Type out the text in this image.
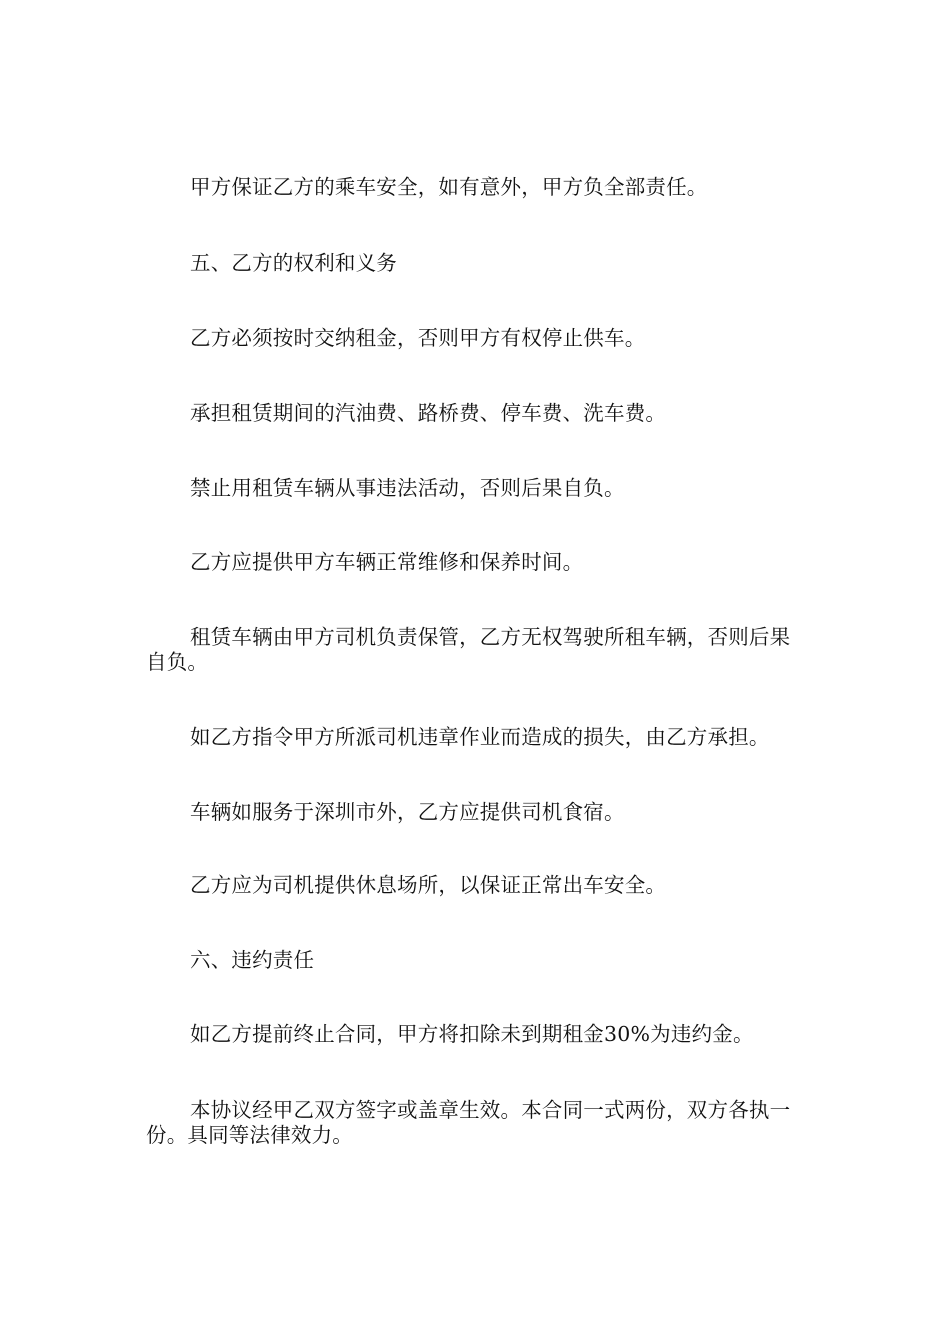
甲方保证乙方的乘车安全，如有意外，甲方负全部责任。

五、乙方的权利和义务

乙方必须按时交纳租金，否则甲方有权停止供车。

承担租赁期间的汽油费、路桥费、停车费、洗车费。

禁止用租赁车辆从事违法活动，否则后果自负。

乙方应提供甲方车辆正常维修和保养时间。

租赁车辆由甲方司机负责保管，乙方无权驾驶所租车辆，否则后果自负。

如乙方指令甲方所派司机违章作业而造成的损失，由乙方承担。

车辆如服务于深圳市外，乙方应提供司机食宿。

乙方应为司机提供休息场所，以保证正常出车安全。

六、违约责任

如乙方提前终止合同，甲方将扣除未到期租金30%为违约金。

本协议经甲乙双方签字或盖章生效。本合同一式两份，双方各执一份。具同等法律效力。
